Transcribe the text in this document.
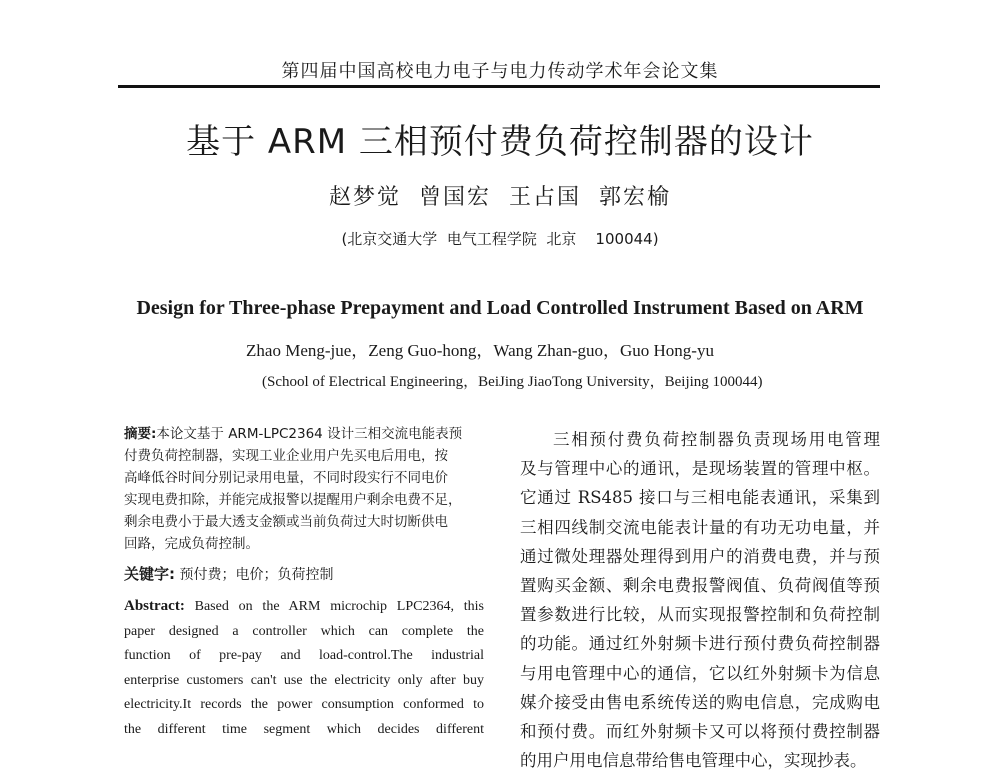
第四届中国高校电力电子与电力传动学术年会论文集
基于 ARM 三相预付费负荷控制器的设计
赵梦觉  曾国宏  王占国  郭宏榆
(北京交通大学  电气工程学院  北京    100044)
Design for Three-phase Prepayment and Load Controlled Instrument Based on ARM
Zhao Meng-jue，Zeng Guo-hong，Wang Zhan-guo，Guo Hong-yu
(School of Electrical Engineering，BeiJing JiaoTong University，Beijing 100044)
摘要:本论文基于 ARM-LPC2364 设计三相交流电能表预
付费负荷控制器，实现工业企业用户先买电后用电，按
高峰低谷时间分别记录用电量，不同时段实行不同电价
实现电费扣除，并能完成报警以提醒用户剩余电费不足，
剩余电费小于最大透支金额或当前负荷过大时切断供电
回路，完成负荷控制。
关键字: 预付费；电价；负荷控制
Abstract: Based on the ARM microchip LPC2364, this
paper designed a controller which can complete the
function of pre-pay and load-control.The industrial
enterprise customers can't use the electricity only after buy
electricity.It records the power consumption conformed to
the different time segment which decides different
三相预付费负荷控制器负责现场用电管理
及与管理中心的通讯，是现场装置的管理中枢。
它通过 RS485 接口与三相电能表通讯，采集到
三相四线制交流电能表计量的有功无功电量，并
通过微处理器处理得到用户的消费电费，并与预
置购买金额、剩余电费报警阀值、负荷阀值等预
置参数进行比较，从而实现报警控制和负荷控制
的功能。通过红外射频卡进行预付费负荷控制器
与用电管理中心的通信，它以红外射频卡为信息
媒介接受由售电系统传送的购电信息，完成购电
和预付费。而红外射频卡又可以将预付费控制器
的用户用电信息带给售电管理中心，实现抄表。
